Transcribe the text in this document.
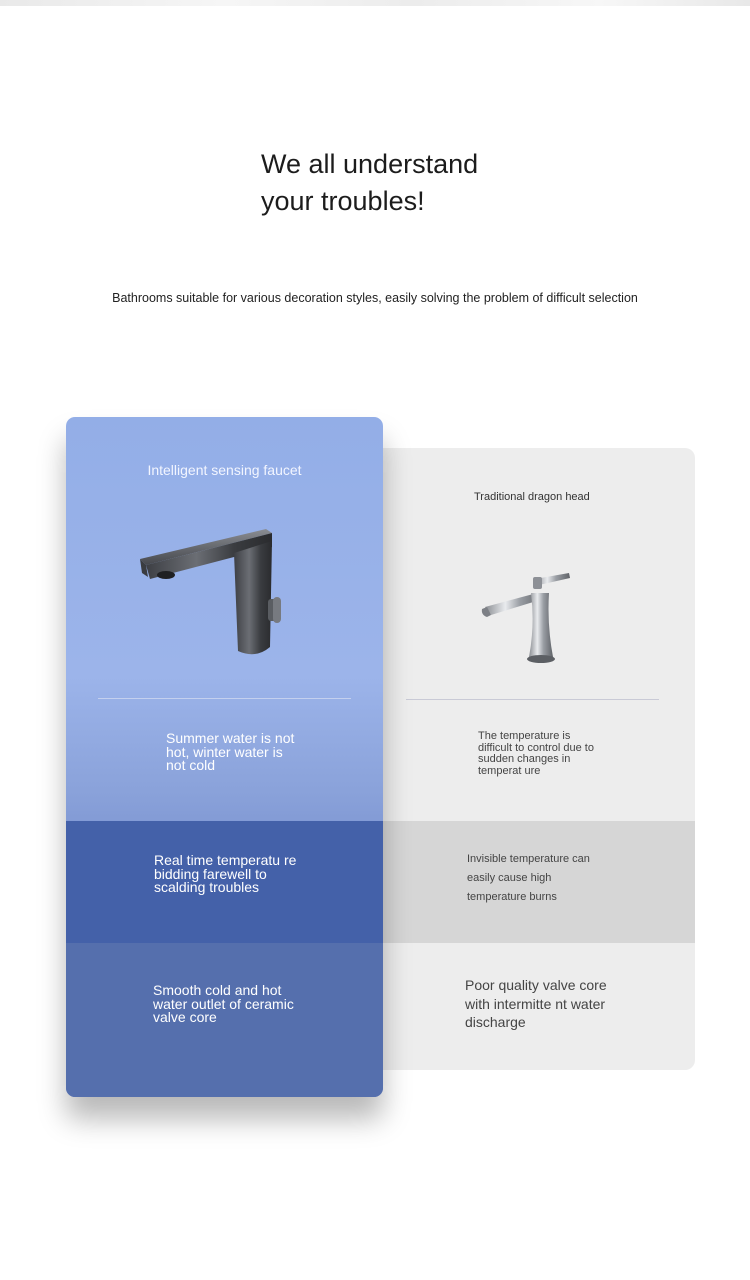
We all understand your troubles!
Bathrooms suitable for various decoration styles, easily solving the problem of difficult selection
Traditional dragon head
The temperature is difficult to control due to sudden changes in temperat ure
Invisible temperature can easily cause high temperature burns
Poor quality valve core with intermitte nt water discharge
Intelligent sensing faucet
Summer water is not hot, winter water is not cold
Real time temperatu re bidding farewell to scalding troubles
Smooth cold and hot water outlet of ceramic valve core
